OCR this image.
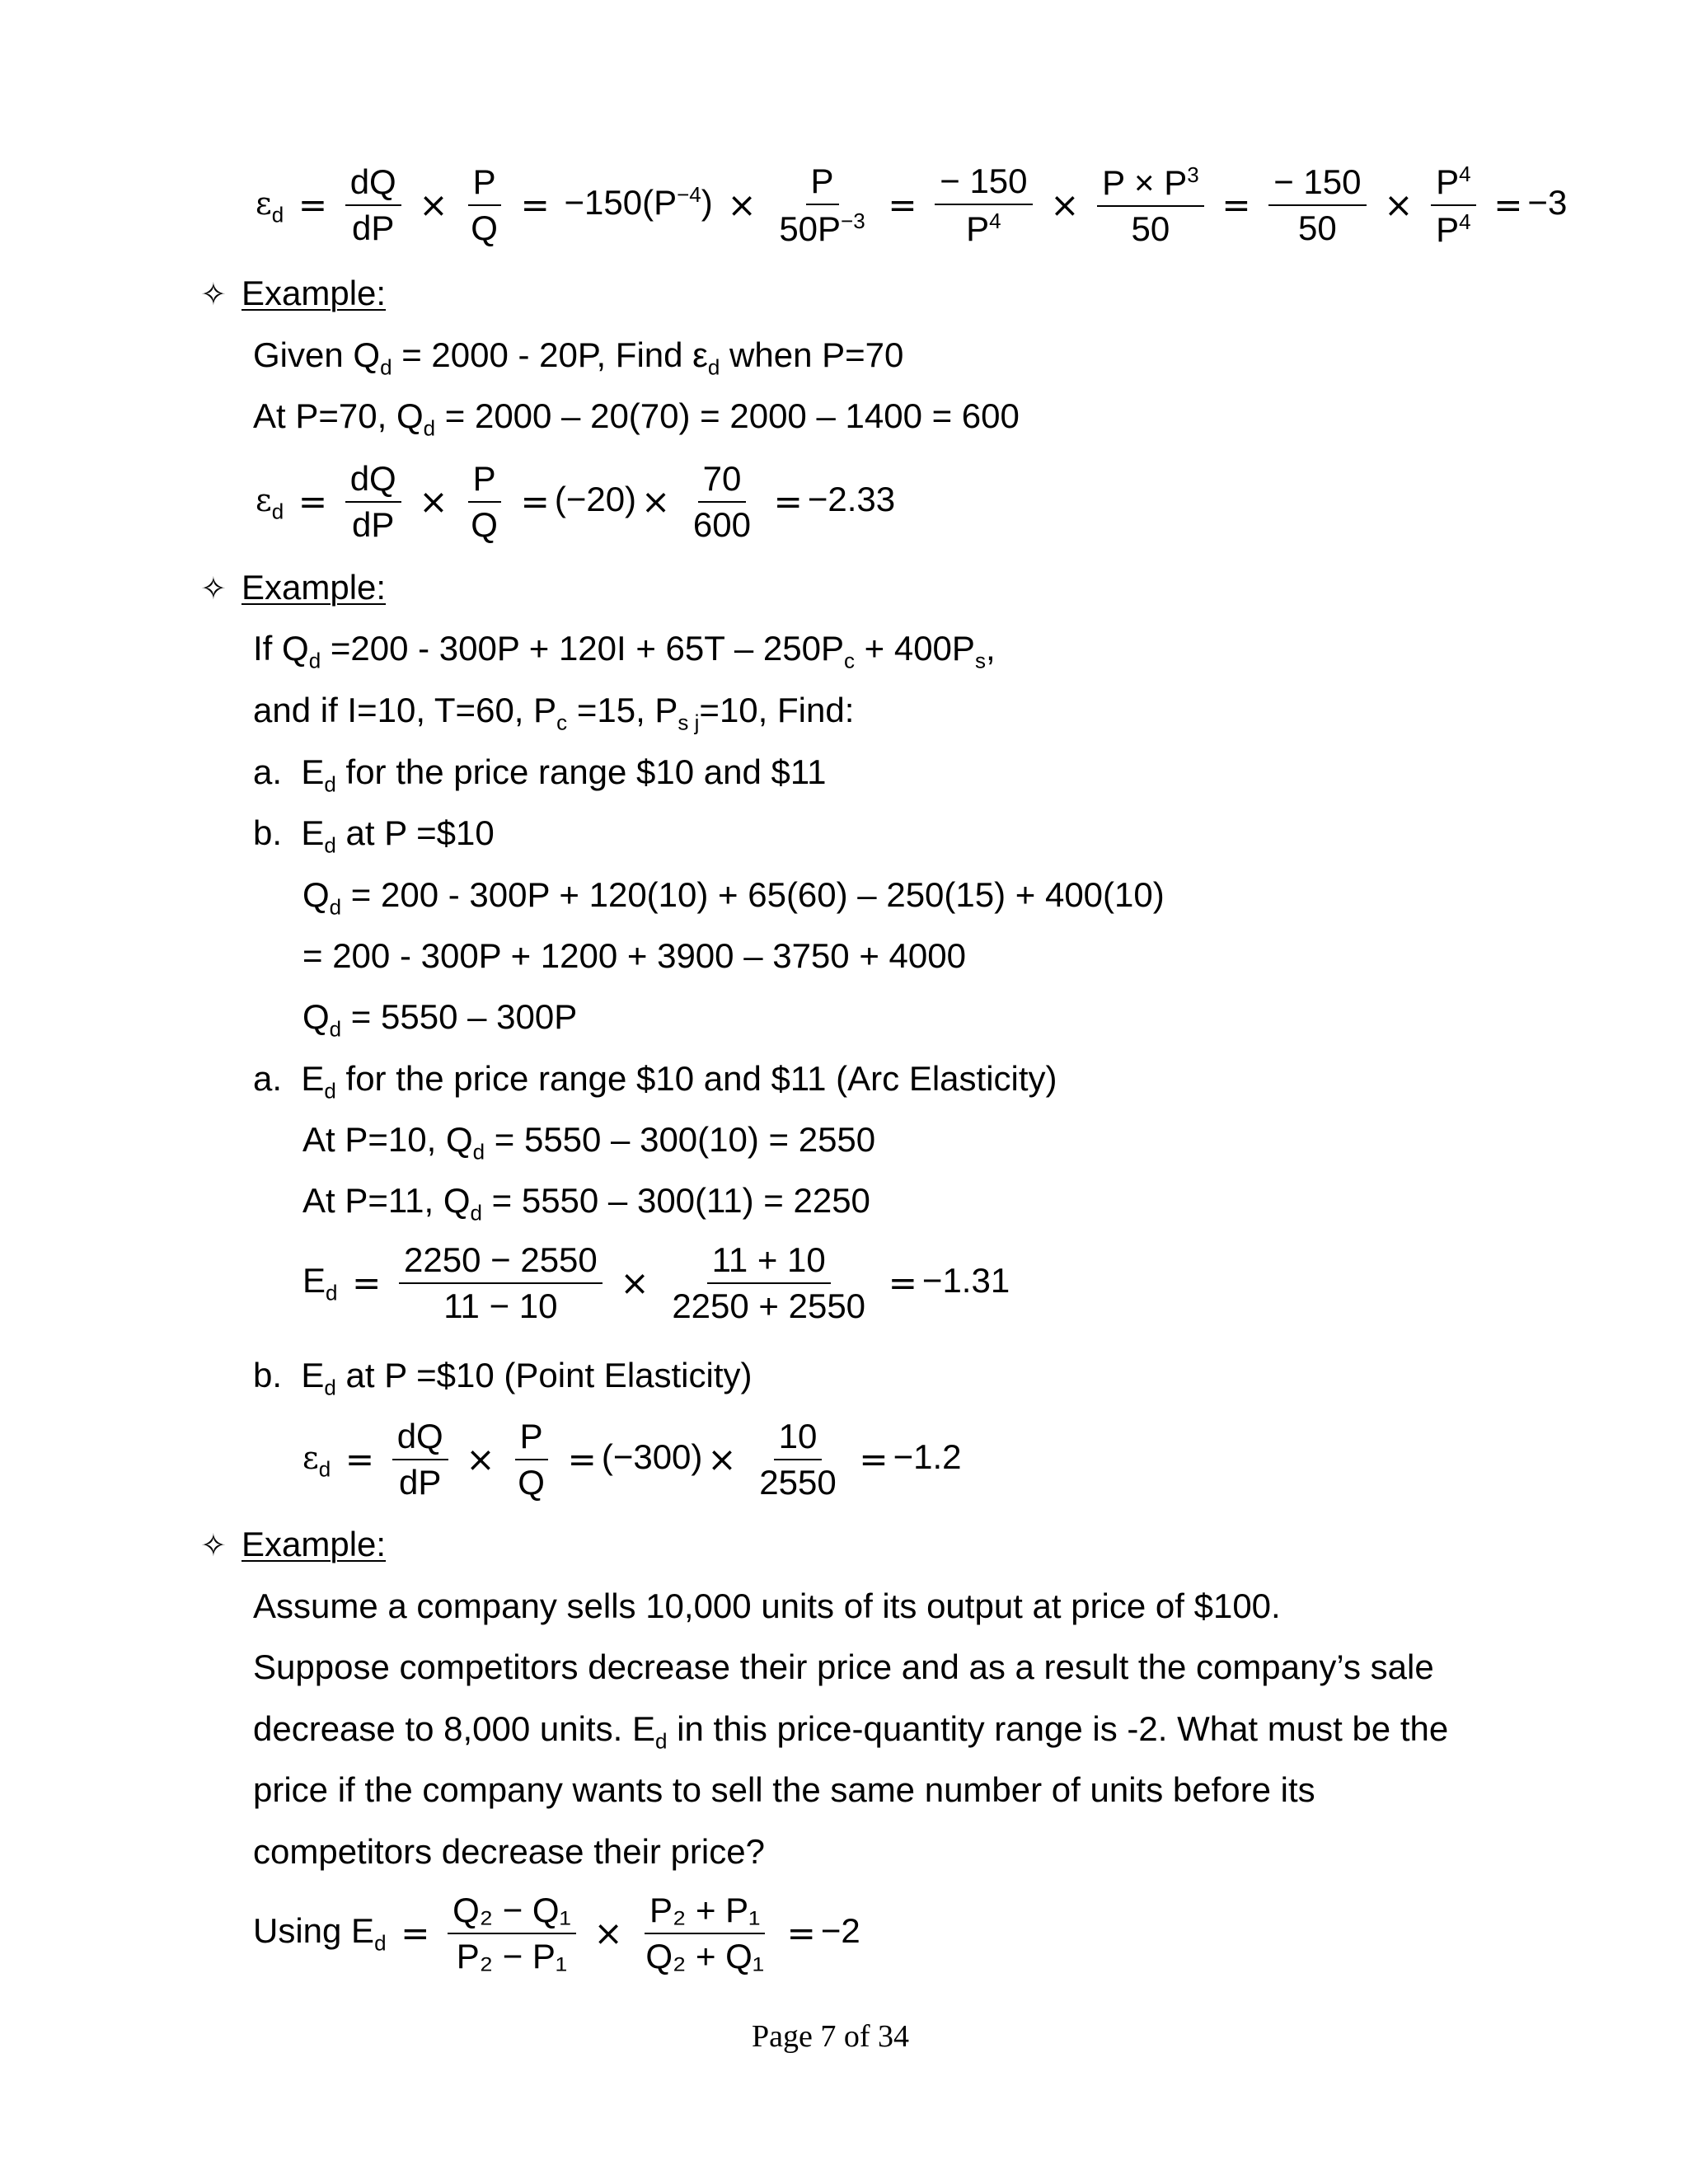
$\varepsilon_d = \frac{dQ}{dP} \times \frac{P}{Q} = -150(P^{-4}) \times \frac{P}{50P^{-3}} = \frac{- 150}{P^4} \times \frac{P \times P^3}{50} = \frac{- 150}{50} \times \frac{P^4}{P^4} = -3$
✧ Example:
Given $Q_d = 2000 - 20P$, Find $\varepsilon_d$ when P=70
At P=70, $Q_d = 2000 - 20(70) = 2000 - 1400 = 600$
$\varepsilon_d = \frac{dQ}{dP} \times \frac{P}{Q} = (-20) \times \frac{70}{600} = -2.33$
✧ Example:
If $Q_d =200 - 300P + 120I + 65T - 250P_c + 400P_s$,
and if I=10, T=60, $P_c =15$, $P_{s j}=10$, Find:
a. $E_d$ for the price range $10 and $11
b. $E_d$ at P =$10
$Q_d = 200 - 300P + 120(10) + 65(60) - 250(15) + 400(10)$
= 200 - 300P + 1200 + 3900 – 3750 + 4000
$Q_d = 5550 - 300P$
a. $E_d$ for the price range $10 and $11 (Arc Elasticity)
At P=10, $Q_d = 5550 - 300(10) = 2550$
At P=11, $Q_d = 5550 - 300(11) = 2250$
$E_d = \frac{2250 - 2550}{11 - 10} \times \frac{11 + 10}{2250 + 2550} = -1.31$
b. $E_d$ at P =$10 (Point Elasticity)
$\varepsilon_d = \frac{dQ}{dP} \times \frac{P}{Q} = (-300) \times \frac{10}{2550} = -1.2$
✧ Example:
Assume a company sells 10,000 units of its output at price of $100.
Suppose competitors decrease their price and as a result the company’s sale
decrease to 8,000 units. $E_d$ in this price-quantity range is -2. What must be the
price if the company wants to sell the same number of units before its
competitors decrease their price?
Using $E_d = \frac{\text{Q₂ − Q₁}}{\text{P₂ − P₁}} \times \frac{\text{P₂ + P₁}}{\text{Q₂ + Q₁}} = -2$
Page 7 of 34
